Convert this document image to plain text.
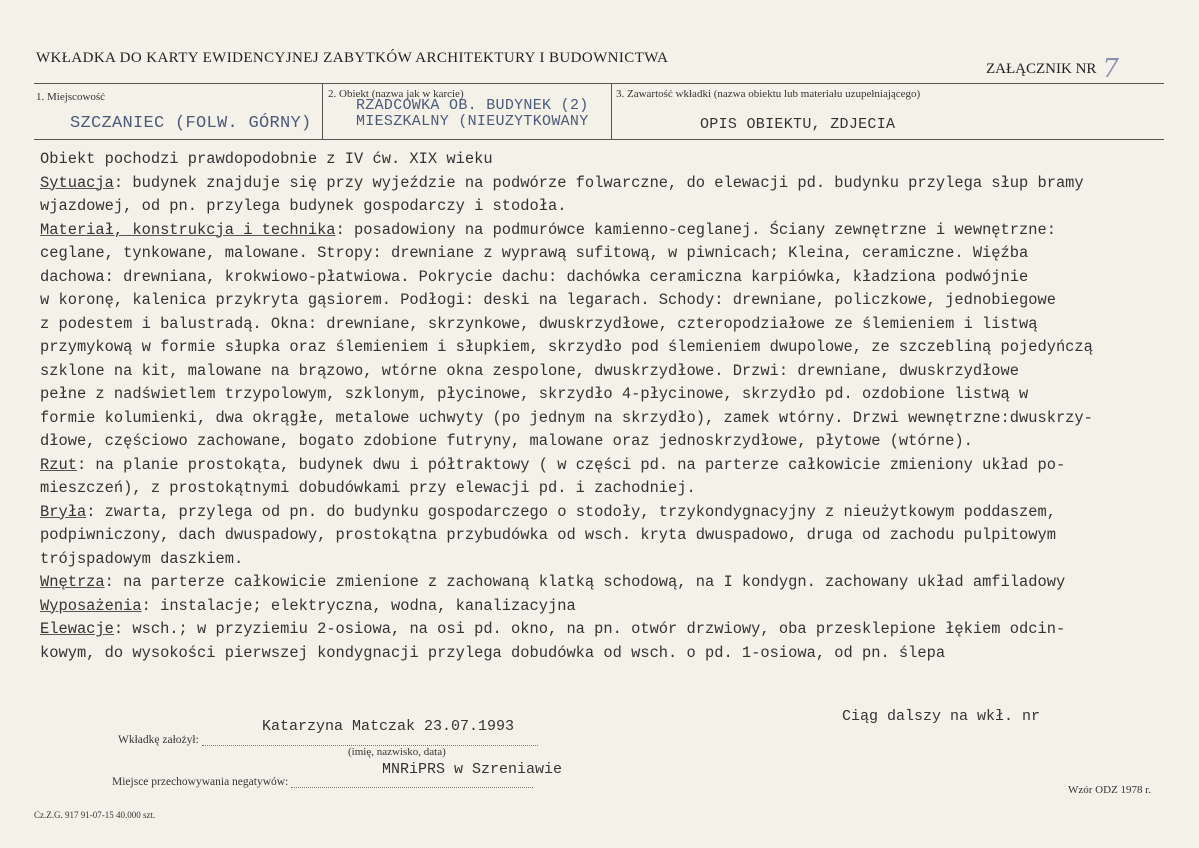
WKŁADKA DO KARTY EWIDENCYJNEJ ZABYTKÓW ARCHITEKTURY I BUDOWNICTWA
ZAŁĄCZNIK NR 7
1. Miejscowość
SZCZANIEC (FOLW. GÓRNY)
2. Obiekt (nazwa jak w karcie)
RZADCOWKA OB. BUDYNEK (2)
MIESZKALNY (NIEUZYTKOWANY
3. Zawartość wkładki (nazwa obiektu lub materiału uzupełniającego)
OPIS OBIEKTU, ZDJECIA
Obiekt pochodzi prawdopodobnie z IV ćw. XIX wieku
Sytuacja: budynek znajduje się przy wyjeździe na podwórze folwarczne, do elewacji pd. budynku przylega słup bramy
wjazdowej, od pn. przylega budynek gospodarczy i stodoła.
Materiał, konstrukcja i technika: posadowiony na podmurówce kamienno-ceglanej. Ściany zewnętrzne i wewnętrzne:
ceglane, tynkowane, malowane. Stropy: drewniane z wyprawą sufitową, w piwnicach; Kleina, ceramiczne. Więźba
dachowa: drewniana, krokwiowo-płatwiowa. Pokrycie dachu: dachówka ceramiczna karpiówka, kładziona podwójnie
w koronę, kalenica przykryta gąsiorem. Podłogi: deski na legarach. Schody: drewniane, policzkowe, jednobiegowe
z podestem i balustradą. Okna: drewniane, skrzynkowe, dwuskrzydłowe, czteropodziałowe ze ślemieniem i listwą
przymykową w formie słupka oraz ślemieniem i słupkiem, skrzydło pod ślemieniem dwupolowe, ze szczebliną pojedyńczą
szklone na kit, malowane na brązowo, wtórne okna zespolone, dwuskrzydłowe. Drzwi: drewniane, dwuskrzydłowe
pełne z nadświetlem trzypolowym, szklonym, płycinowe, skrzydło 4-płycinowe, skrzydło pd. ozdobione listwą w
formie kolumienki, dwa okrągłe, metalowe uchwyty (po jednym na skrzydło), zamek wtórny. Drzwi wewnętrzne:dwuskrzy-
dłowe, częściowo zachowane, bogato zdobione futryny, malowane oraz jednoskrzydłowe, płytowe (wtórne).
Rzut: na planie prostokąta, budynek dwu i półtraktowy ( w części pd. na parterze całkowicie zmieniony układ po-
mieszczeń), z prostokątnymi dobudówkami przy elewacji pd. i zachodniej.
Bryła: zwarta, przylega od pn. do budynku gospodarczego o stodoły, trzykondygnacyjny z nieużytkowym poddaszem,
podpiwniczony, dach dwuspadowy, prostokątna przybudówka od wsch. kryta dwuspadowo, druga od zachodu pulpitowym
trójspadowym daszkiem.
Wnętrza: na parterze całkowicie zmienione z zachowaną klatką schodową, na I kondygn. zachowany układ amfiladowy
Wyposażenia: instalacje; elektryczna, wodna, kanalizacyjna
Elewacje: wsch.; w przyziemiu 2-osiowa, na osi pd. okno, na pn. otwór drzwiowy, oba przesklepione łękiem odcin-
kowym, do wysokości pierwszej kondygnacji przylega dobudówka od wsch. o pd. 1-osiowa, od pn. ślepa
Ciąg dalszy na wkł. nr
Katarzyna Matczak 23.07.1993
Wkładkę założył:
(imię, nazwisko, data)
MNRiPRS w Szreniawie
Miejsce przechowywania negatywów:
Wzór ODZ 1978 r.
Cz.Z.G. 917 91-07-15 40.000 szt.
